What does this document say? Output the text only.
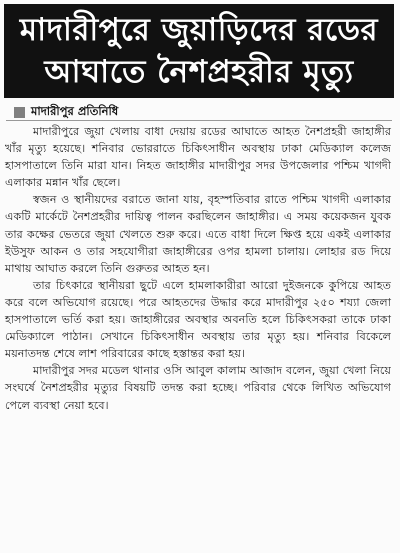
মাদারীপুরে জুয়াড়িদের রডের
আঘাতে নৈশপ্রহরীর মৃত্যু
মাদারীপুর প্রতিনিধি

মাদারীপুরে জুয়া খেলায় বাধা দেয়ায় রডের আঘাতে আহত নৈশপ্রহরী জাহাঙ্গীর খাঁর মৃত্যু হয়েছে। শনিবার ভোররাতে চিকিৎসাধীন অবস্থায় ঢাকা মেডিক্যাল কলেজ হাসপাতালে তিনি মারা যান। নিহত জাহাঙ্গীর মাদারীপুর সদর উপজেলার পশ্চিম খাগদী এলাকার মন্নান খাঁর ছেলে।

স্বজন ও স্থানীয়দের বরাতে জানা যায়, বৃহস্পতিবার রাতে পশ্চিম খাগদী এলাকার একটি মার্কেটে নৈশপ্রহরীর দায়িত্ব পালন করছিলেন জাহাঙ্গীর। এ সময় কয়েকজন যুবক তার কক্ষের ভেতরে জুয়া খেলতে শুরু করে। এতে বাধা দিলে ক্ষিপ্ত হয়ে একই এলাকার ইউসুফ আকন ও তার সহযোগীরা জাহাঙ্গীরের ওপর হামলা চালায়। লোহার রড দিয়ে মাথায় আঘাত করলে তিনি গুরুতর আহত হন।

তার চিৎকারে স্থানীয়রা ছুটে এলে হামলাকারীরা আরো দুইজনকে কুপিয়ে আহত করে বলে অভিযোগ রয়েছে। পরে আহতদের উদ্ধার করে মাদারীপুর ২৫০ শয্যা জেলা হাসপাতালে ভর্তি করা হয়। জাহাঙ্গীরের অবস্থার অবনতি হলে চিকিৎসকরা তাকে ঢাকা মেডিক্যালে পাঠান। সেখানে চিকিৎসাধীন অবস্থায় তার মৃত্যু হয়। শনিবার বিকেলে ময়নাতদন্ত শেষে লাশ পরিবারের কাছে হস্তান্তর করা হয়।

মাদারীপুর সদর মডেল থানার ওসি আবুল কালাম আজাদ বলেন, জুয়া খেলা নিয়ে সংঘর্ষে নৈশপ্রহরীর মৃত্যুর বিষয়টি তদন্ত করা হচ্ছে। পরিবার থেকে লিখিত অভিযোগ পেলে ব্যবস্থা নেয়া হবে।
